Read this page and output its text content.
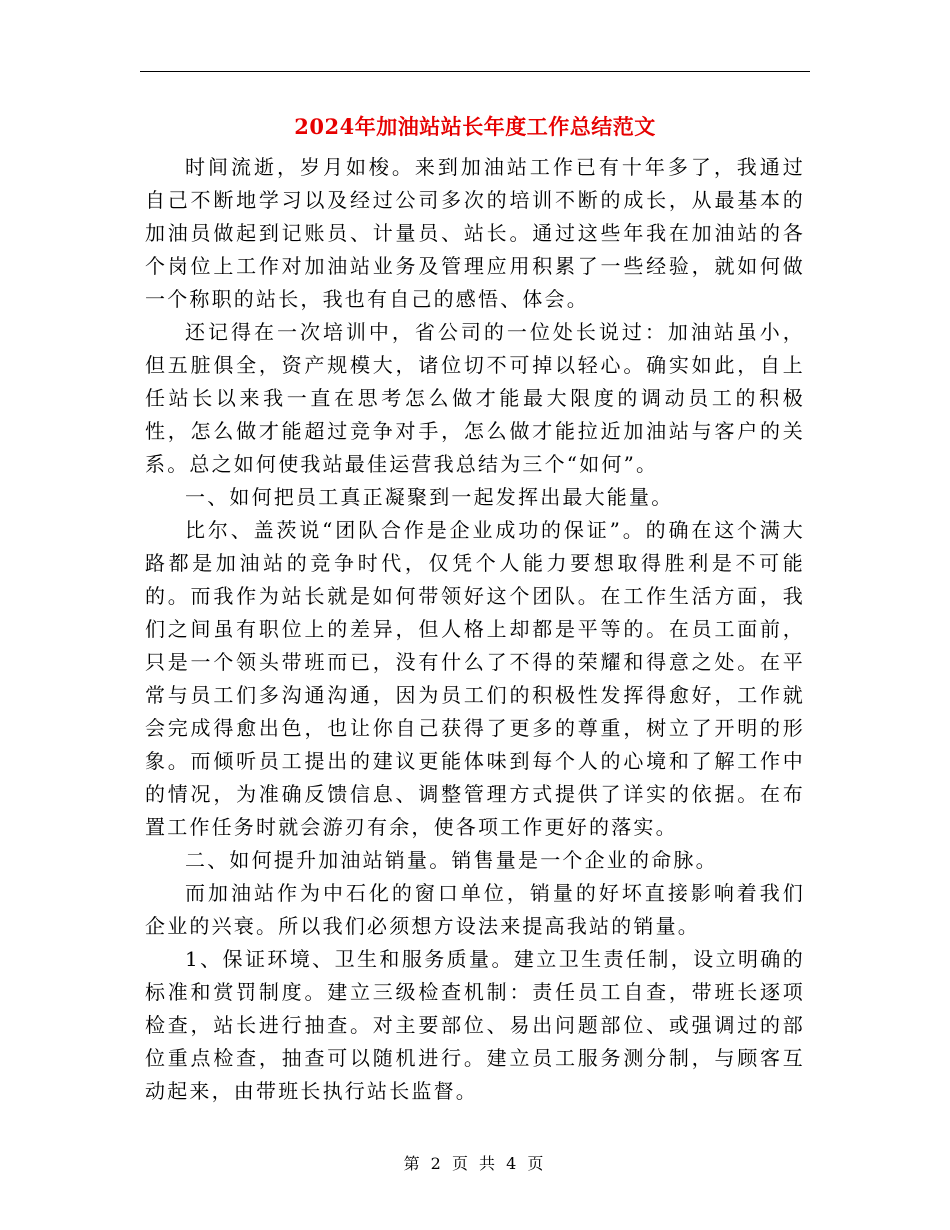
2024年加油站站长年度工作总结范文

时间流逝，岁月如梭。来到加油站工作已有十年多了，我通过自己不断地学习以及经过公司多次的培训不断的成长，从最基本的加油员做起到记账员、计量员、站长。通过这些年我在加油站的各个岗位上工作对加油站业务及管理应用积累了一些经验，就如何做一个称职的站长，我也有自己的感悟、体会。

还记得在一次培训中，省公司的一位处长说过：加油站虽小，但五脏俱全，资产规模大，诸位切不可掉以轻心。确实如此，自上任站长以来我一直在思考怎么做才能最大限度的调动员工的积极性，怎么做才能超过竞争对手，怎么做才能拉近加油站与客户的关系。总之如何使我站最佳运营我总结为三个“如何”。

一、如何把员工真正凝聚到一起发挥出最大能量。

比尔、盖茨说“团队合作是企业成功的保证”。的确在这个满大路都是加油站的竞争时代，仅凭个人能力要想取得胜利是不可能的。而我作为站长就是如何带领好这个团队。在工作生活方面，我们之间虽有职位上的差异，但人格上却都是平等的。在员工面前，只是一个领头带班而已，没有什么了不得的荣耀和得意之处。在平常与员工们多沟通沟通，因为员工们的积极性发挥得愈好，工作就会完成得愈出色，也让你自己获得了更多的尊重，树立了开明的形象。而倾听员工提出的建议更能体味到每个人的心境和了解工作中的情况，为准确反馈信息、调整管理方式提供了详实的依据。在布置工作任务时就会游刃有余，使各项工作更好的落实。

二、如何提升加油站销量。销售量是一个企业的命脉。

而加油站作为中石化的窗口单位，销量的好坏直接影响着我们企业的兴衰。所以我们必须想方设法来提高我站的销量。

1、保证环境、卫生和服务质量。建立卫生责任制，设立明确的标准和赏罚制度。建立三级检查机制：责任员工自查，带班长逐项检查，站长进行抽查。对主要部位、易出问题部位、或强调过的部位重点检查，抽查可以随机进行。建立员工服务测分制，与顾客互动起来，由带班长执行站长监督。

第 2 页 共 4 页
